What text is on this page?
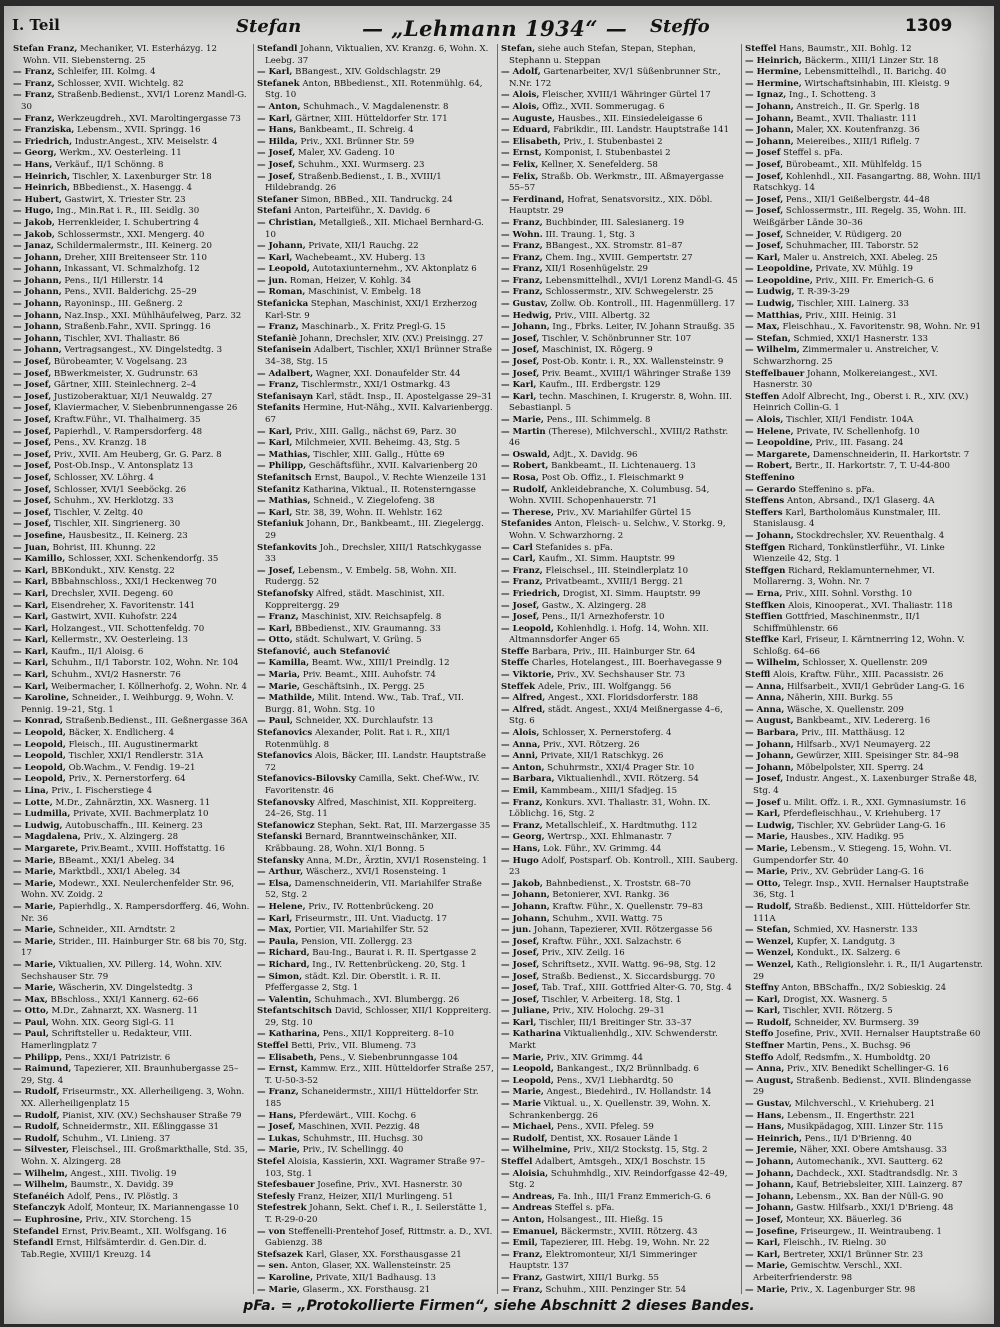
I. Teil	Stefan	— „Lehmann 1934“ — Steffo	1309

Stefan Franz, Mechaniker, VI. Esterházyg. 12

Wohn. VII. Siebensterng. 25

— Franz, Schleifer, III. Kolmg. 4

— Franz, Schlosser, XVII. Wichtelg. 82

— Franz, Straßenb.Bedienst., XVI/1 Lorenz Mandl-G. 30

— Franz, Werkzeugdreh., XVI. Maroltingergasse 73

— Franziska, Lebensm., XVII. Springg. 16

— Friedrich, Industr.Angest., XIV. Meiselstr. 4

— Georg, Werkm., XV. Oesterleing. 11

— Hans, Verkäuf., II/1 Schönng. 8

— Heinrich, Tischler, X. Laxenburger Str. 18

— Heinrich, BBbedienst., X. Hasengg. 4

— Hubert, Gastwirt, X. Triester Str. 23

— Hugo, Ing., Min.Rat i. R., III. Seidlg. 30

— Jakob, Herrenkleider, I. Schubertring 4

— Jakob, Schlossermstr., XXI. Mengerg. 40

— Janaz, Schildermalermstr., III. Keinerg. 20

— Johann, Dreher, XIII Breitenseer Str. 110

— Johann, Inkassant, VI. Schmalzhofg. 12

— Johann, Pens., II/1 Hillerstr. 14

— Johann, Pens., XVII. Balderichg. 25–29

— Johann, Rayoninsp., III. Geßnerg. 2

— Johann, Naz.Insp., XXI. Mühlhäufelweg, Parz. 32

— Johann, Straßenb.Fahr., XVII. Springg. 16

— Johann, Tischler, XVI. Thaliastr. 86

— Johann, Vertragsangest., XV. Dingelstedtg. 3

— Josef, Bürobeamter, V. Vogelsang. 23

— Josef, BBwerkmeister, X. Gudrunstr. 63

— Josef, Gärtner, XIII. Steinlechnerg. 2–4

— Josef, Justizoberaktuar, XI/1 Neuwaldg. 27

— Josef, Klaviermacher, V. Siebenbrunnengasse 26

— Josef, Kraftw.Führ., VI. Thalhaimerg. 35

— Josef, Papierhdl., V. Rampersdorferg. 48

— Josef, Pens., XV. Kranzg. 18

— Josef, Priv., XVII. Am Heuberg, Gr. G. Parz. 8

— Josef, Post-Ob.Insp., V. Antonsplatz 13

— Josef, Schlosser, XV. Löhrg. 4

— Josef, Schlosser, XVI/1 Seeböckg. 26

— Josef, Schuhm., XV. Herklotzg. 33

— Josef, Tischler, V. Zeltg. 40

— Josef, Tischler, XII. Singrienerg. 30

— Josefine, Hausbesitz., II. Keinerg. 23

— Juan, Bohrist, III. Khunng. 22

— Kamillo, Schlosser, XXI. Schenkendorfg. 35

— Karl, BBKondukt., XIV. Kenstg. 22

— Karl, BBbahnschloss., XXI/1 Heckenweg 70

— Karl, Drechsler, XVII. Degeng. 60

— Karl, Eisendreher, X. Favoritenstr. 141

— Karl, Gastwirt, XVII. Kuhofstr. 224

— Karl, Holzangest., VII. Schottenfeldg. 70

— Karl, Kellermstr., XV. Oesterleing. 13

— Karl, Kaufm., II/1 Aloisg. 6

— Karl, Schuhm., II/1 Taborstr. 102, Wohn. Nr. 104

— Karl, Schuhm., XVI/2 Hasnerstr. 76

— Karl, Weibermacher, I. Köllnerhofg. 2, Wohn. Nr. 4

— Karoline, Schneider., I. Weihburgg. 9, Wohn. V. Pennig. 19–21, Stg. 1

— Konrad, Straßenb.Bedienst., III. Geßnergasse 36A

— Leopold, Bäcker, X. Endlicherg. 4

— Leopold, Fleisch., III. Augustinermarkt

— Leopold, Tischler, XXI/1 Rendlerstr. 31A

— Leopold, Ob.Wachm., V. Fendig. 19–21

— Leopold, Priv., X. Pernerstorferg. 64

— Lina, Priv., I. Fischerstiege 4

— Lotte, M.Dr., Zahnärztin, XX. Wasnerg. 11

— Ludmilla, Private, XVII. Bachmerplatz 10

— Ludwig, Autobuschaffn., III. Keinerg. 23

— Magdalena, Priv., X. Alzingerg. 28

— Margarete, Priv.Beamt., XVIII. Hoffstattg. 16

— Marie, BBeamt., XXI/1 Abeleg. 34

— Marie, Marktbdl., XXI/1 Abeleg. 34

— Marie, Modewr., XXI. Neulerchenfelder Str. 96, Wohn. XV. Zoidg. 2

— Marie, Papierhdlg., X. Rampersdorfferg. 46, Wohn. Nr. 36

— Marie, Schneider., XII. Arndtstr. 2

— Marie, Strider., III. Hainburger Str. 68 bis 70, Stg. 17

— Marie, Viktualien, XV. Pillerg. 14, Wohn. XIV. Sechshauser Str. 79

— Marie, Wäscherin, XV. Dingelstedtg. 3

— Max, BBschloss., XXI/1 Kannerg. 62–66

— Otto, M.Dr., Zahnarzt, XX. Wasnerg. 11

— Paul, Wohn. XIX. Georg Sigl-G. 11

— Paul, Schriftsteller u. Redakteur, VIII. Hamerlingplatz 7

— Philipp, Pens., XXI/1 Patrizistr. 6

— Raimund, Tapezierer, XII. Braunhubergasse 25–29, Stg. 4

— Rudolf, Friseurmstr., XX. Allerheiligeng. 3, Wohn. XX. Allerheiligenplatz 15

— Rudolf, Pianist, XIV. (XV.) Sechshauser Straße 79

— Rudolf, Schneidermstr., XII. Eßlinggasse 31

— Rudolf, Schuhm., VI. Linieng. 37

— Silvester, Fleischsel., III. Großmarkthalle, Std. 35, Wohn. X. Alzingerg. 28

— Wilhelm, Angest., XIII. Tivolig. 19

— Wilhelm, Baumstr., X. Davidg. 39

Stefanéich Adolf, Pens., IV. Plöstlg. 3

Stefanczyk Adolf, Monteur, IX. Mariannengasse 10

— Euphrosine, Priv., XIV. Storcheng. 15

Stefandel Ernst, Priv.Beamt., XII. Wolfsgang. 16

Stefandl Ernst, Hilfsämterdir. d. Gen.Dir. d. Tab.Regie, XVIII/1 Kreuzg. 14

Stefandl Johann, Viktualien, XV. Kranzg. 6, Wohn. X. Leebg. 37

— Karl, BBangest., XIV. Goldschlagstr. 29

Stefanek Anton, BBbedienst., XII. Rotenmühlg. 64, Stg. 10

— Anton, Schuhmach., V. Magdalenenstr. 8

— Karl, Gärtner, XIII. Hütteldorfer Str. 171

— Hans, Bankbeamt., II. Schreig. 4

— Hilda, Priv., XXI. Brünner Str. 59

— Josef, Maler, XV. Gadeng. 10

— Josef, Schuhm., XXI. Wurmserg. 23

— Josef, Straßenb.Bedienst., I. B., XVIII/1 Hildebrandg. 26

Stefaner Simon, BBBed., XII. Tandruckg. 24

Stefani Anton, Parteiführ., X. Davidg. 6

— Christian, Metallgieß., XII. Michael Bernhard-G. 10

— Johann, Private, XII/1 Rauchg. 22

— Karl, Wachebeamt., XV. Huberg. 13

— Leopold, Autotaxiunternehm., XV. Aktonplatz 6

— jun. Roman, Heizer, V. Kohlg. 34

— Roman, Maschinist, V. Embelg. 18

Stefanicka Stephan, Maschinist, XXI/1 Erzherzog Karl-Str. 9

— Franz, Maschinarb., X. Fritz Pregl-G. 15

Stefaniè Johann, Drechsler, XIV. (XV.) Preisingg. 27

Stefanisein Adalbert, Tischler, XXI/1 Brünner Straße 34–38, Stg. 15

— Adalbert, Wagner, XXI. Donaufelder Str. 44

— Franz, Tischlermstr., XXI/1 Ostmarkg. 43

Stefanisayn Karl, städt. Insp., II. Apostelgasse 29–31

Stefanits Hermine, Hut-Nähg., XVII. Kalvarienbergg. 67

— Karl, Priv., XIII. Gallg., nächst 69, Parz. 30

— Karl, Milchmeier, XVII. Beheimg. 43, Stg. 5

— Mathias, Tischler, XIII. Gallg., Hütte 69

— Philipp, Geschäftsführ., XVII. Kalvarienberg 20

Stefanitsch Ernst, Baupol., V. Rechte Wienzeile 131

Stefanitz Katharina, Viktual., II. Rotensterngasse

— Mathias, Schneid., V. Ziegelofeng. 38

— Karl, Str. 38, 39, Wohn. II. Wehlstr. 162

Stefaniuk Johann, Dr., Bankbeamt., III. Ziegelergg. 29

Stefankovits Joh., Drechsler, XIII/1 Ratschkygasse 33

— Josef, Lebensm., V. Embelg. 58, Wohn. XII. Rudergg. 52

Stefanofsky Alfred, städt. Maschinist, XII. Koppreitergg. 29

— Franz, Maschinist, XIV. Reichsapfelg. 8

— Karl, BBbedienst., XIV. Graumanng. 33

— Otto, städt. Schulwart, V. Grüng. 5

Stefanović, auch Stefanović

— Kamilla, Beamt. Ww., XIII/1 Preindlg. 12

— Maria, Priv. Beamt., XIII. Auhofstr. 74

— Marie, Geschäftsinh., IX. Pergg. 25

— Mathilde, Milit. Intend. Ww., Tab. Traf., VII. Burgg. 81, Wohn. Stg. 10

— Paul, Schneider, XX. Durchlaufstr. 13

Stefanovics Alexander, Polit. Rat i. R., XII/1 Rotenmühlg. 8

Stefanovics Alois, Bäcker, III. Landstr. Hauptstraße 72

Stefanovics-Bilovsky Camilla, Sekt. Chef-Ww., IV. Favoritenstr. 46

Stefanovsky Alfred, Maschinist, XII. Koppreiterg. 24–26, Stg. 11

Stefanowicz Stephan, Sekt. Rat, III. Marzergasse 35

Stefanski Bernard, Branntweinschänker, XII. Kräbbaung. 28, Wohn. XI/1 Bonng. 5

Stefansky Anna, M.Dr., Ärztin, XVI/1 Rosensteing. 1

— Arthur, Wäscherz., XVI/1 Rosensteing. 1

— Elsa, Damenschneiderin, VII. Mariahilfer Straße 52, Stg. 2

— Helene, Priv., IV. Rottenbrückeng. 20

— Karl, Friseurmstr., III. Unt. Viaductg. 17

— Max, Portier, VII. Mariahilfer Str. 52

— Paula, Pension, VII. Zollergg. 23

— Richard, Bau-Ing., Baurat i. R. II. Spertgasse 2

— Richard, Ing., IV. Rettenbrückeng. 20, Stg. 1

— Simon, städt. Kzl. Dir. Oberstlt. i. R. II. Pfeffergasse 2, Stg. 1

— Valentin, Schuhmach., XVI. Blumbergg. 26

Stefantschitsch David, Schlosser, XII/1 Koppreiterg. 29, Stg. 10

— Katharina, Pens., XII/1 Koppreiterg. 8–10

Steffel Betti, Priv., VII. Blumeng. 73

— Elisabeth, Pens., V. Siebenbrunngasse 104

— Ernst, Kammw. Erz., XIII. Hütteldorfer Straße 257, T. U-50-3-52

— Franz, Schaneidermstr., XIII/1 Hütteldorfer Str. 185

— Hans, Pferdewärt., VIII. Kochg. 6

— Josef, Maschinen, XVII. Pezzig. 48

— Lukas, Schuhmstr., III. Huchsg. 30

— Marie, Priv., IV. Schellingg. 40

Stefel Aloisia, Kassierin, XXI. Wagramer Straße 97–103, Stg. 1

Stefesbauer Josefine, Priv., XVI. Hasnerstr. 30

Stefesly Franz, Heizer, XII/1 Murlingeng. 51

Stefestrek Johann, Sekt. Chef i. R., I. Seilerstätte 1, T. R-29-0-20

— von Steffenelli-Prentehof Josef, Rittmstr. a. D., XVI. Gabienzg. 38

Stefsazek Karl, Glaser, XX. Forsthausgasse 21

— sen. Anton, Glaser, XX. Wallensteinstr. 25

— Karoline, Private, XII/1 Badhausg. 13

— Marie, Glaserm., XX. Forsthausg. 21

Stefan, siehe auch Stefan, Stepan, Stephan, Stephann u. Steppan

— Adolf, Gartenarbeiter, XV/1 Süßenbrunner Str., N.Nr. 172

— Alois, Fleischer, XVIII/1 Währinger Gürtel 17

— Alois, Offiz., XVII. Sommerugag. 6

— Auguste, Hausbes., XII. Einsiedeleigasse 6

— Eduard, Fabrikdir., III. Landstr. Hauptstraße 141

— Elisabeth, Priv., I. Stubenbastei 2

— Ernst, Komponist, I. Stubenbastei 2

— Felix, Kellner, X. Senefelderg. 58

— Felix, Straßb. Ob. Werkmstr., III. Aßmayergasse 55–57

— Ferdinand, Hofrat, Senatsvorsitz., XIX. Döbl. Hauptstr. 29

— Franz, Buchbinder, III. Salesianerg. 19

— Wohn. III. Traung. 1, Stg. 3

— Franz, BBangest., XX. Stromstr. 81–87

— Franz, Chem. Ing., XVIII. Gempertstr. 27

— Franz, XII/1 Rosenhügelstr. 29

— Franz, Lebensmittelhdl., XVI/1 Lorenz Mandl-G. 45

— Franz, Schlossermstr., XIV. Schwegelerstr. 25

— Gustav, Zollw. Ob. Kontroll., III. Hagenmüllerg. 17

— Hedwig, Priv., VIII. Albertg. 32

— Johann, Ing., Fbrks. Leiter, IV. Johann Straußg. 35

— Josef, Tischler, V. Schönbrunner Str. 107

— Josef, Maschinist, IX. Rögerg. 9

— Josef, Post-Ob. Kontr. i. R., XX. Wallensteinstr. 9

— Josef, Priv. Beamt., XVIII/1 Währinger Straße 139

— Karl, Kaufm., III. Erdbergstr. 129

— Karl, techn. Maschinen, I. Krugerstr. 8, Wohn. III. Sebastianpl. 5

— Marie, Pens., III. Schimmelg. 8

— Martin (Therese), Milchverschl., XVIII/2 Rathstr. 46

— Oswald, Adjt., X. Davidg. 96

— Robert, Bankbeamt., II. Lichtenauerg. 13

— Rosa, Post Ob. Offiz., I. Fleischmarkt 9

— Rudolf, Ankleidebranche, X. Columbusg. 54, Wohn. XVIII. Schopenhauerstr. 71

— Therese, Priv., XV. Mariahilfer Gürtel 15

Stefanides Anton, Fleisch- u. Selchw., V. Storkg. 9, Wohn. V. Schwarzhorng. 2

— Carl Stefanides s. pFa.

— Carl, Kaufm., XI. Simm. Hauptstr. 99

— Franz, Fleischsel., III. Steindlerplatz 10

— Franz, Privatbeamt., XVIII/1 Bergg. 21

— Friedrich, Drogist, XI. Simm. Hauptstr. 99

— Josef, Gastw., X. Alzingerg. 28

— Josef, Pens., II/1 Arnezhoferstr. 10

— Leopold, Kohlenhdlg. i. Hofg. 14, Wohn. XII. Altmannsdorfer Anger 65

Steffe Barbara, Priv., III. Hainburger Str. 64

Steffe Charles, Hotelangest., III. Boerhavegasse 9

— Viktorie, Priv., XV. Sechshauser Str. 73

Steffek Adele, Priv., III. Wolfgangg. 56

— Alfred, Angest., XXI. Floridsdorferstr. 188

— Alfred, städt. Angest., XXI/4 Meißnergasse 4–6, Stg. 6

— Alois, Schlosser, X. Pernerstoferg. 4

— Anna, Priv., XVI. Rötzerg. 26

— Anni, Private, XII/1 Ratschkyg. 26

— Anton, Schuhrmstr., XXI/4 Prager Str. 10

— Barbara, Viktualienhdl., XVII. Rötzerg. 54

— Emil, Kammbeam., XIII/1 Sfadjeg. 15

— Franz, Konkurs. XVI. Thaliastr. 31, Wohn. IX. Löblichg. 16, Stg. 2

— Franz, Metallschleif., X. Hardtmuthg. 112

— Georg, Wertrsp., XXI. Ehlmanastr. 7

— Hans, Lok. Führ., XV. Grimmg. 44

— Hugo Adolf, Postsparf. Ob. Kontroll., XIII. Sauberg. 23

— Jakob, Bahnbedienst., X. Troststr. 68–70

— Johann, Betonierer, XVI. Rankg. 36

— Johann, Kraftw. Führ., X. Quellenstr. 79–83

— Johann, Schuhm., XVII. Wattg. 75

— jun. Johann, Tapezierer, XVII. Rötzergasse 56

— Josef, Kraftw. Führ., XXI. Salzachstr. 6

— Josef, Priv., XIV. Zeilg. 16

— Josef, Schriftsetz., XVII. Wattg. 96–98, Stg. 12

— Josef, Straßb. Bedienst., X. Siccardsburgg. 70

— Josef, Tab. Traf., XIII. Gottfried Alter-G. 70, Stg. 4

— Josef, Tischler, V. Arbeiterg. 18, Stg. 1

— Juliane, Priv., XIV. Holochg. 29–31

— Karl, Tischler, III/1 Breitinger Str. 33–37

— Katharina Viktualienhdlg., XIV. Schwenderstr. Markt

— Marie, Priv., XIV. Grimmg. 44

— Leopold, Bankangest., IX/2 Brünnlbadg. 6

— Leopold, Pens., XV/1 Liebhardtg. 50

— Marie, Angest., Biedehird., IV. Hollandstr. 14

— Marie Viktual. u., X. Quellenstr. 39, Wohn. X. Schrankenbergg. 26

— Michael, Pens., XVII. Pfeleg. 59

— Rudolf, Dentist, XX. Rosauer Lände 1

— Wilhelmine, Priv., XII/2 Stockstg. 15, Stg. 2

Steffel Adalbert, Amtsgeh., XIX/1 Boschstr. 15

— Aloisia, Schuhmhdlg., XIV. Reindorfgasse 42–49, Stg. 2

— Andreas, Fa. Inh., III/1 Franz Emmerich-G. 6

— Andreas Steffel s. pFa.

— Anton, Holsangest., III. Hießg. 15

— Emanuel, Bäckermstr., XVIII. Rötzerg. 43

— Emil, Tapezierer, III. Hebg. 19, Wohn. Nr. 22

— Franz, Elektromonteur, XI/1 Simmeringer Hauptstr. 137

— Franz, Gastwirt, XIII/1 Burkg. 55

— Franz, Schuhm., XIII. Penzinger Str. 54

Steffel Hans, Baumstr., XII. Bohlg. 12

— Heinrich, Bäckerm., XIII/1 Linzer Str. 18

— Hermine, Lebensmittelhdl., II. Barichg. 40

— Hermine, Wirtschaftsinhabin, III. Kleistg. 9

— Ignaz, Ing., I. Schotteng. 3

— Johann, Anstreich., II. Gr. Sperlg. 18

— Johann, Beamt., XVII. Thaliastr. 111

— Johann, Maler, XX. Koutenfranzg. 36

— Johann, Meiereibes., XIII/1 Riflelg. 7

— Josef Steffel s. pFa.

— Josef, Bürobeamt., XII. Mühlfeldg. 15

— Josef, Kohlenhdl., XII. Fasangartng. 88, Wohn. III/1 Ratschkyg. 14

— Josef, Pens., XII/1 Geißelbergstr. 44–48

— Josef, Schlossermstr., III. Regelg. 35, Wohn. III. Weißgärber Lände 30–36

— Josef, Schneider, V. Rüdigerg. 20

— Josef, Schuhmacher, III. Taborstr. 52

— Karl, Maler u. Anstreich, XXI. Abeleg. 25

— Leopoldine, Private, XV. Mühlg. 19

— Leopoldine, Priv., XIII. Fr. Emerich-G. 6

— Ludwig, T. R-39-3-29

— Ludwig, Tischler, XIII. Lainerg. 33

— Matthias, Priv., XIII. Heinig. 31

— Max, Fleischhau., X. Favoritenstr. 98, Wohn. Nr. 91

— Stefan, Schmied, XXI/1 Hasnerstr. 133

— Wilhelm, Zimmermaler u. Anstreicher, V. Schwarzhorng. 25

Steffelbauer Johann, Molkereiangest., XVI. Hasnerstr. 30

Steffen Adolf Albrecht, Ing., Oberst i. R., XIV. (XV.) Heinrich Collin-G. 1

— Alois, Tischler, XII/1 Fendistr. 104A

— Helene, Private, IV. Schellenhofg. 10

— Leopoldine, Priv., III. Fasang. 24

— Margarete, Damenschneiderin, II. Harkortstr. 7

— Robert, Bertr., II. Harkortstr. 7, T. U-44-800

Steffenino

— Gerardo Steffenino s. pFa.

Steffens Anton, Abrsand., IX/1 Glaserg. 4A

Steffers Karl, Bartholomäus Kunstmaler, III. Stanislausg. 4

— Johann, Stockdrechsler, XV. Reuenthalg. 4

Steffgen Richard, Tonkünstlerführ., VI. Linke Wienzeile 42, Stg. 1

Steffgen Richard, Reklamunternehmer, VI. Mollarerng. 3, Wohn. Nr. 7

— Erna, Priv., XIII. Sohnl. Vorsthg. 10

Steffken Alois, Kinooperat., XVI. Thaliastr. 118

Steffien Gottfried, Maschinenmstr., II/1 Schiffmühlenstr. 66

Steffke Karl, Friseur, I. Kärntnerring 12, Wohn. V. Schloßg. 64–66

— Wilhelm, Schlosser, X. Quellenstr. 209

Steffl Alois, Kraftw. Führ., XIII. Pacassistr. 26

— Anna, Hilfsarbeit., XVII/1 Gebrüder Lang-G. 16

— Anna, Näherin, XIII. Burkg. 55

— Anna, Wäsche, X. Quellenstr. 209

— August, Bankbeamt., XIV. Ledererg. 16

— Barbara, Priv., III. Matthäusg. 12

— Johann, Hilfsarb., XV/1 Neumayerg. 22

— Johann, Gewürzer, XIII. Speisinger Str. 84–98

— Johann, Möbelpolster, XII. Sperrg. 24

— Josef, Industr. Angest., X. Laxenburger Straße 48, Stg. 4

— Josef u. Milit. Offz. i. R., XXI. Gymnasiumstr. 16

— Karl, Pferdefleischhau., V. Kriehuberg. 17

— Ludwig, Tischler, XV. Gebrüder Lang-G. 16

— Marie, Hausbes., XIV. Hadikg. 95

— Marie, Lebensm., V. Stiegeng. 15, Wohn. VI. Gumpendorfer Str. 40

— Marie, Priv., XV. Gebrüder Lang-G. 16

— Otto, Telegr. Insp., XVII. Hernalser Hauptstraße 36, Stg. 1

— Rudolf, Straßb. Bedienst., XIII. Hütteldorfer Str. 111A

— Stefan, Schmied, XV. Hasnerstr. 133

— Wenzel, Kupfer, X. Landgutg. 3

— Wenzel, Kondukt., IX. Salzerg. 6

— Wenzel, Kath., Religionslehr. i. R., II/1 Augartenstr. 29

Steffny Anton, BBSchaffn., IX/2 Sobieskig. 24

— Karl, Drogist, XX. Wasnerg. 5

— Karl, Tischler, XVII. Rötzerg. 5

— Rudolf, Schneider, XV. Burmserg. 39

Steffo Josefine, Priv., XVII. Hernalser Hauptstraße 60

Steffner Martin, Pens., X. Buchsg. 96

Steffo Adolf, Redsmfm., X. Humboldtg. 20

— Anna, Priv., XIV. Benedikt Schellinger-G. 16

— August, Straßenb. Bedienst., XVII. Blindengasse 29

— Gustav, Milchverschl., V. Kriehuberg. 21

— Hans, Lebensm., II. Engerthstr. 221

— Hans, Musikpädagog, XIII. Linzer Str. 115

— Heinrich, Pens., II/1 D'Brienng. 40

— Jeremie, Näher, XXI. Obere Amtshausg. 33

— Johann, Automechanik., XVI. Sautterg. 62

— Johann, Dachdeck., XXI. Stadtrandsdlg. Nr. 3

— Johann, Kauf, Betriebsleiter, XIII. Lainzerg. 87

— Johann, Lebensm., XX. Ban der Nüll-G. 90

— Johann, Gastw. Hilfsarb., XXI/1 D'Brieng. 48

— Josef, Monteur, XX. Bäuerleg. 36

— Josefine, Friseurgew., II. Weintraubeng. 1

— Karl, Fleischh., IV. Rielng. 30

— Karl, Bertreter, XXI/1 Brünner Str. 23

— Marie, Gemischtw. Verschl., XXI. Arbeiterfrienderstr. 98

— Marie, Priv., X. Lagenburger Str. 98

pFa. = „Protokollierte Firmen“, siehe Abschnitt 2 dieses Bandes.
